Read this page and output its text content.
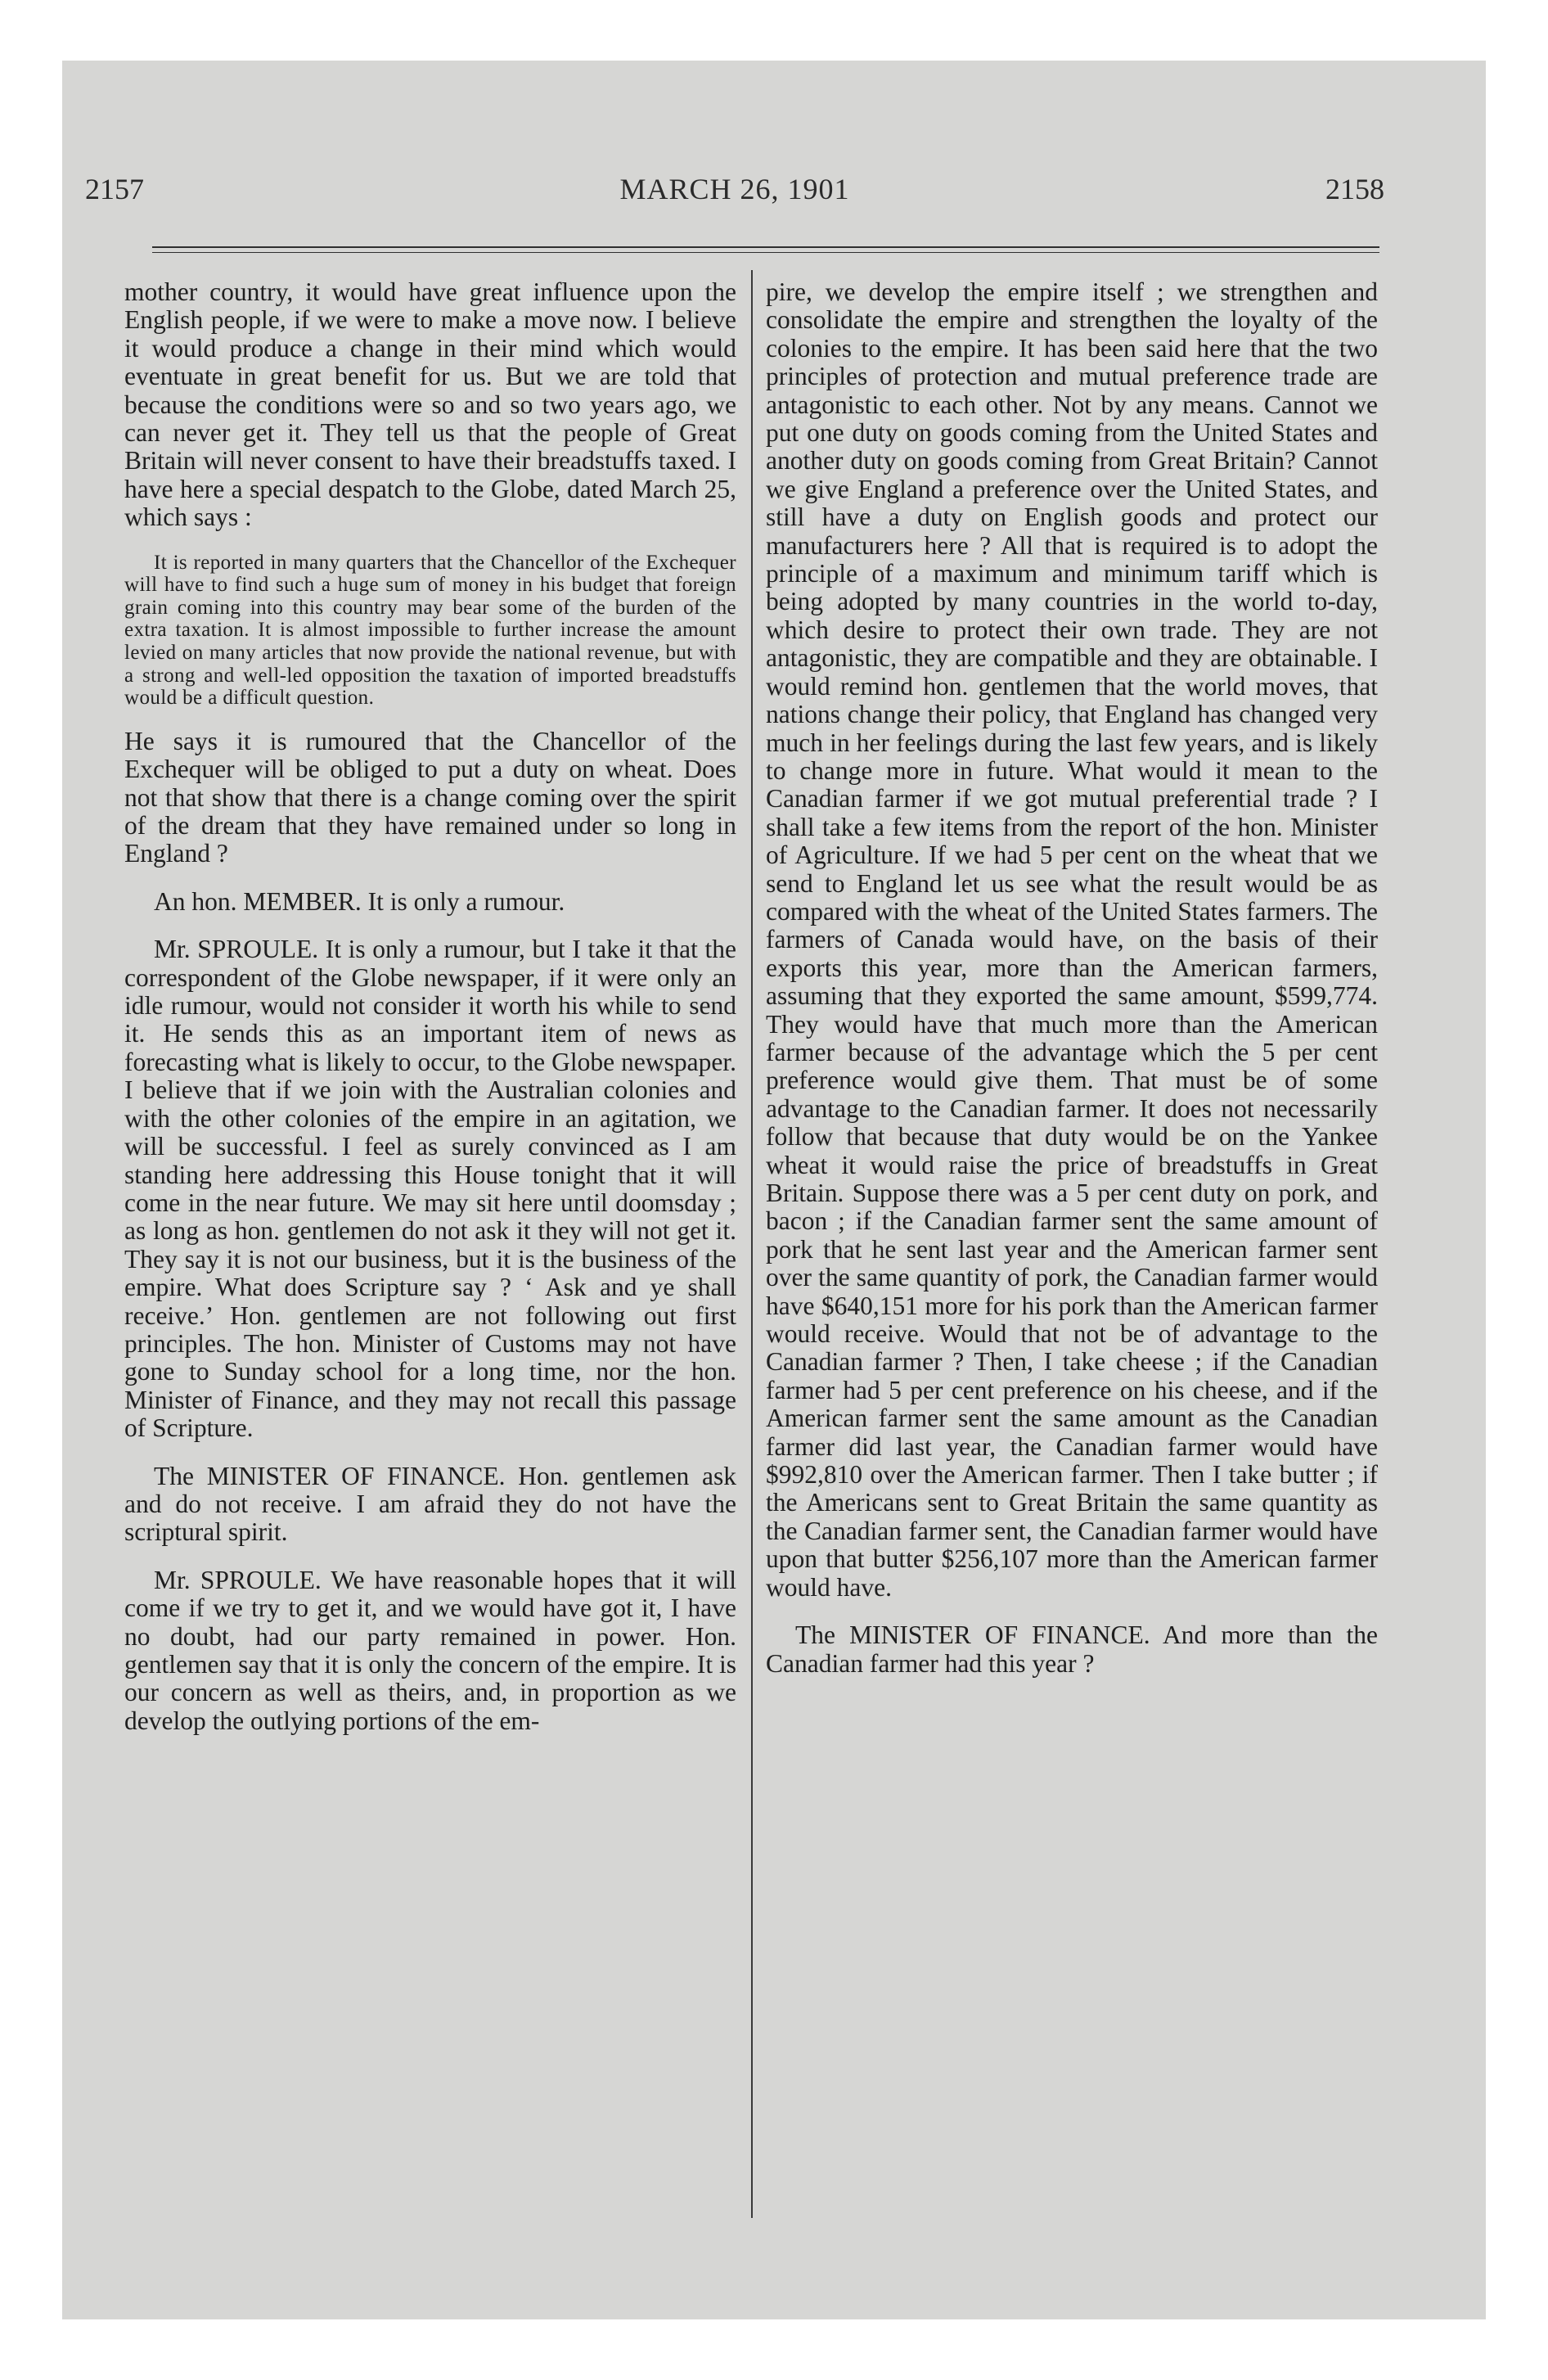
2157	MARCH 26, 1901	2158

mother country, it would have great influence upon the English people, if we were to make a move now. I believe it would produce a change in their mind which would eventuate in great benefit for us. But we are told that because the conditions were so and so two years ago, we can never get it. They tell us that the people of Great Britain will never consent to have their breadstuffs taxed. I have here a special despatch to the Globe, dated March 25, which says :

It is reported in many quarters that the Chancellor of the Exchequer will have to find such a huge sum of money in his budget that foreign grain coming into this country may bear some of the burden of the extra taxation. It is almost impossible to further increase the amount levied on many articles that now provide the national revenue, but with a strong and well-led opposition the taxation of imported breadstuffs would be a difficult question.

He says it is rumoured that the Chancellor of the Exchequer will be obliged to put a duty on wheat. Does not that show that there is a change coming over the spirit of the dream that they have remained under so long in England ?

An hon. MEMBER. It is only a rumour.

Mr. SPROULE. It is only a rumour, but I take it that the correspondent of the Globe newspaper, if it were only an idle rumour, would not consider it worth his while to send it. He sends this as an important item of news as forecasting what is likely to occur, to the Globe newspaper. I believe that if we join with the Australian colonies and with the other colonies of the empire in an agitation, we will be successful. I feel as surely convinced as I am standing here addressing this House tonight that it will come in the near future. We may sit here until doomsday ; as long as hon. gentlemen do not ask it they will not get it. They say it is not our business, but it is the business of the empire. What does Scripture say ? ‘ Ask and ye shall receive.’ Hon. gentlemen are not following out first principles. The hon. Minister of Customs may not have gone to Sunday school for a long time, nor the hon. Minister of Finance, and they may not recall this passage of Scripture.

The MINISTER OF FINANCE. Hon. gentlemen ask and do not receive. I am afraid they do not have the scriptural spirit.

Mr. SPROULE. We have reasonable hopes that it will come if we try to get it, and we would have got it, I have no doubt, had our party remained in power. Hon. gentlemen say that it is only the concern of the empire. It is our concern as well as theirs, and, in proportion as we develop the outlying portions of the em-

pire, we develop the empire itself ; we strengthen and consolidate the empire and strengthen the loyalty of the colonies to the empire. It has been said here that the two principles of protection and mutual preference trade are antagonistic to each other. Not by any means. Cannot we put one duty on goods coming from the United States and another duty on goods coming from Great Britain? Cannot we give England a preference over the United States, and still have a duty on English goods and protect our manufacturers here ? All that is required is to adopt the principle of a maximum and minimum tariff which is being adopted by many countries in the world to-day, which desire to protect their own trade. They are not antagonistic, they are compatible and they are obtainable. I would remind hon. gentlemen that the world moves, that nations change their policy, that England has changed very much in her feelings during the last few years, and is likely to change more in future. What would it mean to the Canadian farmer if we got mutual preferential trade ? I shall take a few items from the report of the hon. Minister of Agriculture. If we had 5 per cent on the wheat that we send to England let us see what the result would be as compared with the wheat of the United States farmers. The farmers of Canada would have, on the basis of their exports this year, more than the American farmers, assuming that they exported the same amount, $599,774. They would have that much more than the American farmer because of the advantage which the 5 per cent preference would give them. That must be of some advantage to the Canadian farmer. It does not necessarily follow that because that duty would be on the Yankee wheat it would raise the price of breadstuffs in Great Britain. Suppose there was a 5 per cent duty on pork, and bacon ; if the Canadian farmer sent the same amount of pork that he sent last year and the American farmer sent over the same quantity of pork, the Canadian farmer would have $640,151 more for his pork than the American farmer would receive. Would that not be of advantage to the Canadian farmer ? Then, I take cheese ; if the Canadian farmer had 5 per cent preference on his cheese, and if the American farmer sent the same amount as the Canadian farmer did last year, the Canadian farmer would have $992,810 over the American farmer. Then I take butter ; if the Americans sent to Great Britain the same quantity as the Canadian farmer sent, the Canadian farmer would have upon that butter $256,107 more than the American farmer would have.

The MINISTER OF FINANCE. And more than the Canadian farmer had this year ?
